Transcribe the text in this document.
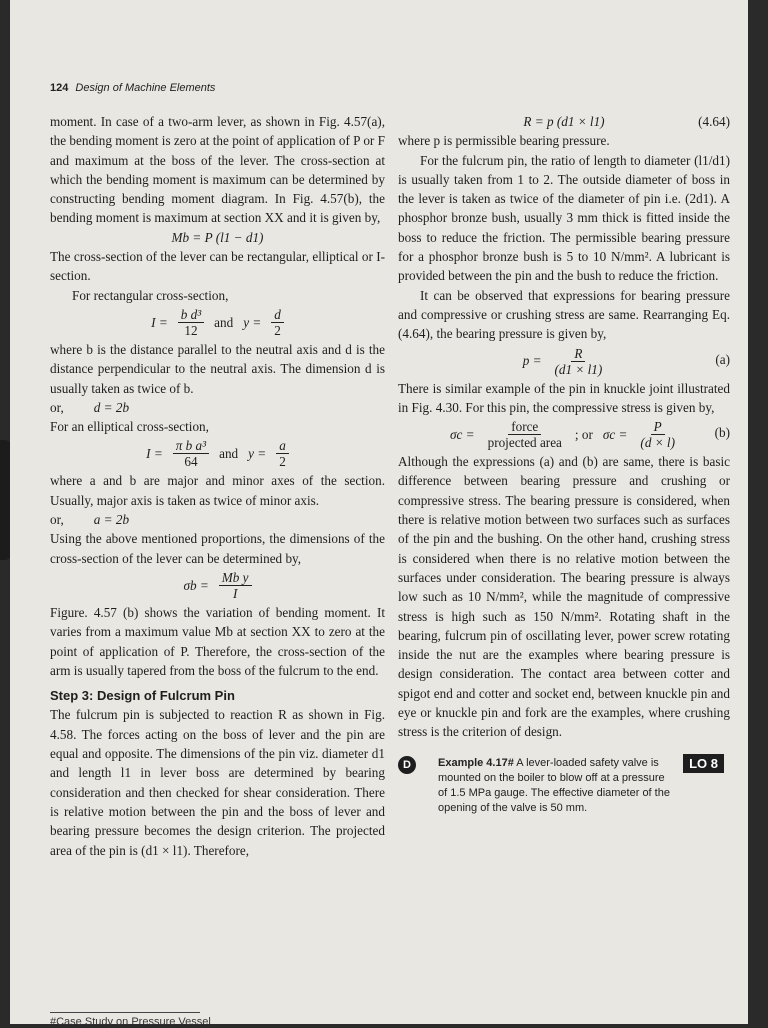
124 Design of Machine Elements

moment. In case of a two-arm lever, as shown in Fig. 4.57(a), the bending moment is zero at the point of application of P or F and maximum at the boss of the lever. The cross-section at which the bending moment is maximum can be determined by constructing bending moment diagram. In Fig. 4.57(b), the bending moment is maximum at section XX and it is given by,

Mb = P (l1 − d1)

The cross-section of the lever can be rectangular, elliptical or I-section.

For rectangular cross-section,

$I = \frac{\text{b d³}}{12}$ and $y = \frac{d}{2}$

where b is the distance parallel to the neutral axis and d is the distance perpendicular to the neutral axis. The dimension d is usually taken as twice of b.

or, d = 2b

For an elliptical cross-section,

$I = \frac{\text{π b a³}}{64}$ and $y = \frac{a}{2}$

where a and b are major and minor axes of the section. Usually, major axis is taken as twice of minor axis.

or, a = 2b

Using the above mentioned proportions, the dimensions of the cross-section of the lever can be determined by,

$\sigma b = \frac{\text{Mb y}}{I}$

Figure. 4.57 (b) shows the variation of bending moment. It varies from a maximum value Mb at section XX to zero at the point of application of P. Therefore, the cross-section of the arm is usually tapered from the boss of the fulcrum to the end.

Step 3: Design of Fulcrum Pin

The fulcrum pin is subjected to reaction R as shown in Fig. 4.58. The forces acting on the boss of lever and the pin are equal and opposite. The dimensions of the pin viz. diameter d1 and length l1 in lever boss are determined by bearing consideration and then checked for shear consideration. There is relative motion between the pin and the boss of lever and bearing pressure becomes the design criterion. The projected area of the pin is (d1 × l1). Therefore,

R = p (d1 × l1)	(4.64)

where p is permissible bearing pressure.

For the fulcrum pin, the ratio of length to diameter (l1/d1) is usually taken from 1 to 2. The outside diameter of boss in the lever is taken as twice of the diameter of pin i.e. (2d1). A phosphor bronze bush, usually 3 mm thick is fitted inside the boss to reduce the friction. The permissible bearing pressure for a phosphor bronze bush is 5 to 10 N/mm². A lubricant is provided between the pin and the bush to reduce the friction.

It can be observed that expressions for bearing pressure and compressive or crushing stress are same. Rearranging Eq. (4.64), the bearing pressure is given by,

$p = \frac{R}{(d1 \times l1)}$	(a)

There is similar example of the pin in knuckle joint illustrated in Fig. 4.30. For this pin, the compressive stress is given by,

$\sigma c = \frac{\text{force}}{\text{projected area}}$ ; or $\sigma c = \frac{P}{(d \times l)}$	(b)

Although the expressions (a) and (b) are same, there is basic difference between bearing pressure and crushing or compressive stress. The bearing pressure is considered, when there is relative motion between two surfaces such as surfaces of the pin and the bushing. On the other hand, crushing stress is considered when there is no relative motion between the surfaces under consideration. The bearing pressure is always low such as 10 N/mm², while the magnitude of compressive stress is high such as 150 N/mm². Rotating shaft in the bearing, fulcrum pin of oscillating lever, power screw rotating inside the nut are the examples where bearing pressure is design consideration. The contact area between cotter and spigot end and cotter and socket end, between knuckle pin and eye or knuckle pin and fork are the examples, where crushing stress is the criterion of design.

D	Example 4.17# A lever-loaded safety valve is mounted on the boiler to blow off at a pressure of 1.5 MPa gauge. The effective diameter of the opening of the valve is 50 mm.
LO 8
#Case Study on Pressure Vessel
